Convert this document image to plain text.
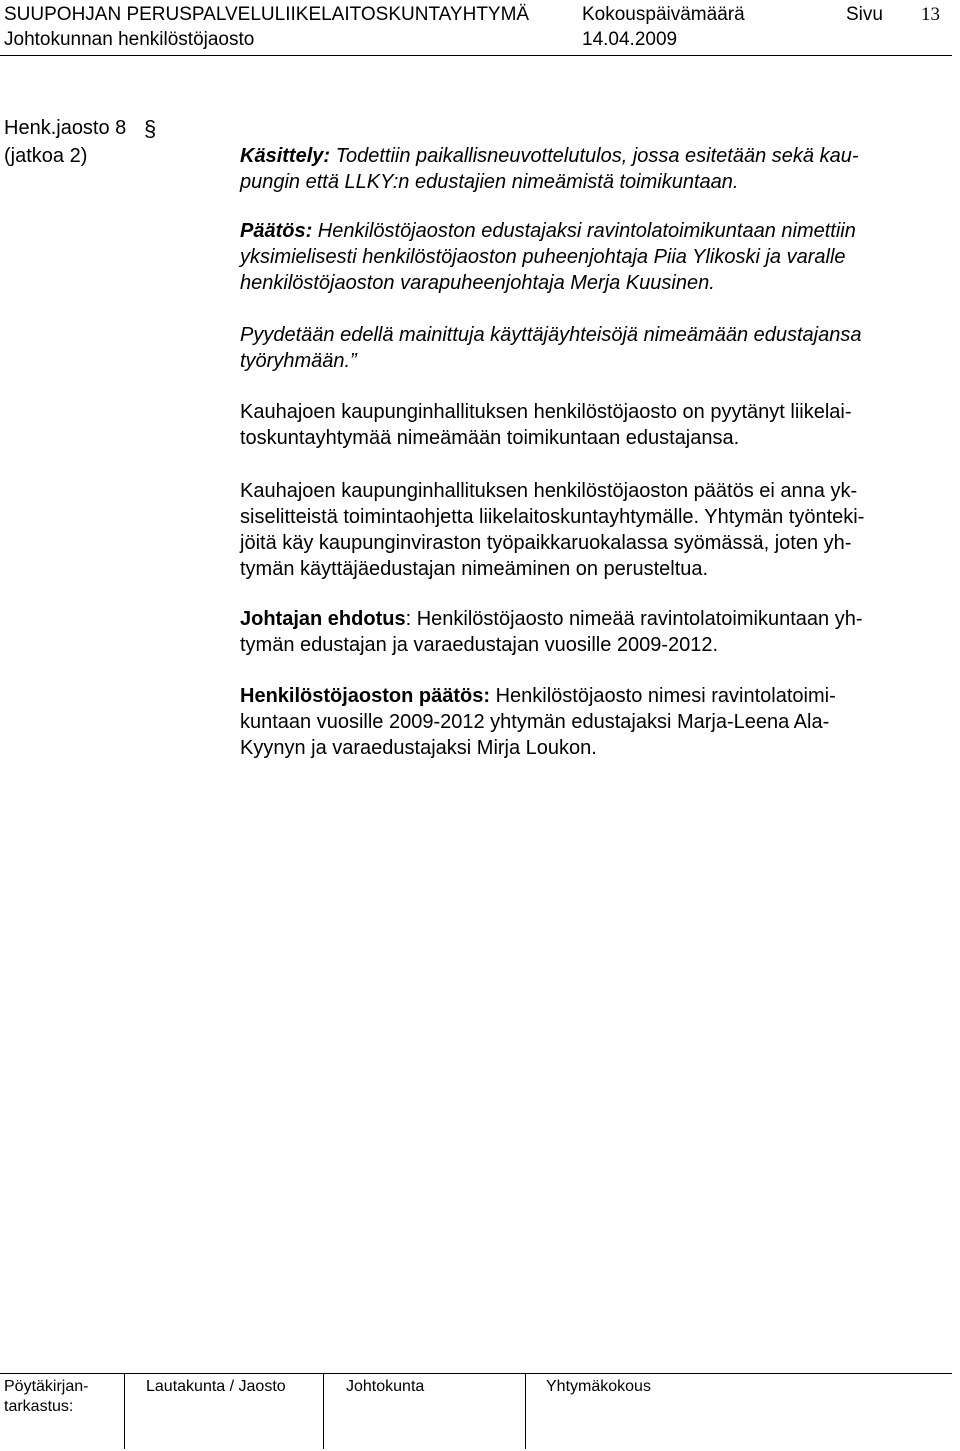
SUUPOHJAN PERUSPALVELULIIKELAITOSKUNTAYHTYMÄ	Kokouspäivämäärä	Sivu 13
Johtokunnan henkilöstöjaosto	14.04.2009
Henk.jaosto 8 §
(jatkoa 2)	Käsittely: Todettiin paikallisneuvottelutulos, jossa esitetään sekä kau-
pungin että LLKY:n edustajien nimeämistä toimikuntaan.
Päätös: Henkilöstöjaoston edustajaksi ravintolatoimikuntaan nimettiin
yksimielisesti henkilöstöjaoston puheenjohtaja Piia Ylikoski ja varalle
henkilöstöjaoston varapuheenjohtaja Merja Kuusinen.
Pyydetään edellä mainittuja käyttäjäyhteisöjä nimeämään edustajansa
työryhmään.”
Kauhajoen kaupunginhallituksen henkilöstöjaosto on pyytänyt liikelai-
toskuntayhtymää nimeämään toimikuntaan edustajansa.
Kauhajoen kaupunginhallituksen henkilöstöjaoston päätös ei anna yk-
siselitteistä toimintaohjetta liikelaitoskuntayhtymälle. Yhtymän työnteki-
jöitä käy kaupunginviraston työpaikkaruokalassa syömässä, joten yh-
tymän käyttäjäedustajan nimeäminen on perusteltua.
Johtajan ehdotus: Henkilöstöjaosto nimeää ravintolatoimikuntaan yh-
tymän edustajan ja varaedustajan vuosille 2009-2012.
Henkilöstöjaoston päätös: Henkilöstöjaosto nimesi ravintolatoimi-
kuntaan vuosille 2009-2012 yhtymän edustajaksi Marja-Leena Ala-
Kyynyn ja varaedustajaksi Mirja Loukon.
Pöytäkirjan-
tarkastus:
Lautakunta / Jaosto	Johtokunta	Yhtymäkokous
